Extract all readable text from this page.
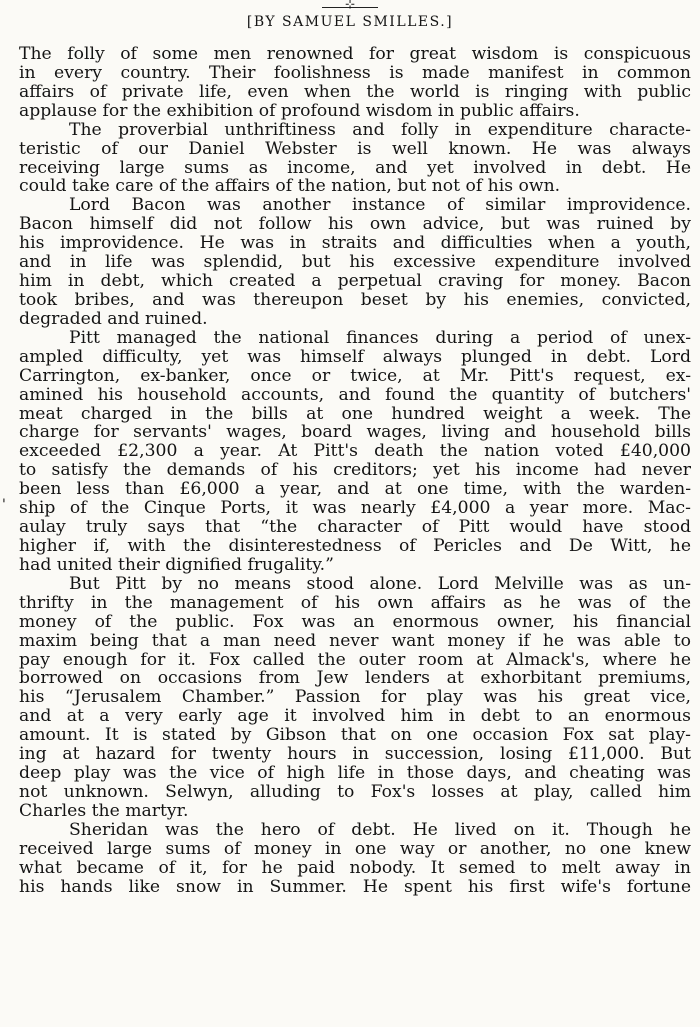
⊹
[BY SAMUEL SMILLES.]
'
The folly of some men renowned for great wisdom is conspicuous
in every country. Their foolishness is made manifest in common
affairs of private life, even when the world is ringing with public
applause for the exhibition of profound wisdom in public affairs.
The proverbial unthriftiness and folly in expenditure characte-
teristic of our Daniel Webster is well known. He was always
receiving large sums as income, and yet involved in debt. He
could take care of the affairs of the nation, but not of his own.
Lord Bacon was another instance of similar improvidence.
Bacon himself did not follow his own advice, but was ruined by
his improvidence. He was in straits and difficulties when a youth,
and in life was splendid, but his excessive expenditure involved
him in debt, which created a perpetual craving for money. Bacon
took bribes, and was thereupon beset by his enemies, convicted,
degraded and ruined.
Pitt managed the national finances during a period of unex-
ampled difficulty, yet was himself always plunged in debt. Lord
Carrington, ex-banker, once or twice, at Mr. Pitt's request, ex-
amined his household accounts, and found the quantity of butchers'
meat charged in the bills at one hundred weight a week. The
charge for servants' wages, board wages, living and household bills
exceeded £2,300 a year. At Pitt's death the nation voted £40,000
to satisfy the demands of his creditors; yet his income had never
been less than £6,000 a year, and at one time, with the warden-
ship of the Cinque Ports, it was nearly £4,000 a year more. Mac-
aulay truly says that “the character of Pitt would have stood
higher if, with the disinterestedness of Pericles and De Witt, he
had united their dignified frugality.”
But Pitt by no means stood alone. Lord Melville was as un-
thrifty in the management of his own affairs as he was of the
money of the public. Fox was an enormous owner, his financial
maxim being that a man need never want money if he was able to
pay enough for it. Fox called the outer room at Almack's, where he
borrowed on occasions from Jew lenders at exhorbitant premiums,
his “Jerusalem Chamber.” Passion for play was his great vice,
and at a very early age it involved him in debt to an enormous
amount. It is stated by Gibson that on one occasion Fox sat play-
ing at hazard for twenty hours in succession, losing £11,000. But
deep play was the vice of high life in those days, and cheating was
not unknown. Selwyn, alluding to Fox's losses at play, called him
Charles the martyr.
Sheridan was the hero of debt. He lived on it. Though he
received large sums of money in one way or another, no one knew
what became of it, for he paid nobody. It semed to melt away in
his hands like snow in Summer. He spent his first wife's fortune
